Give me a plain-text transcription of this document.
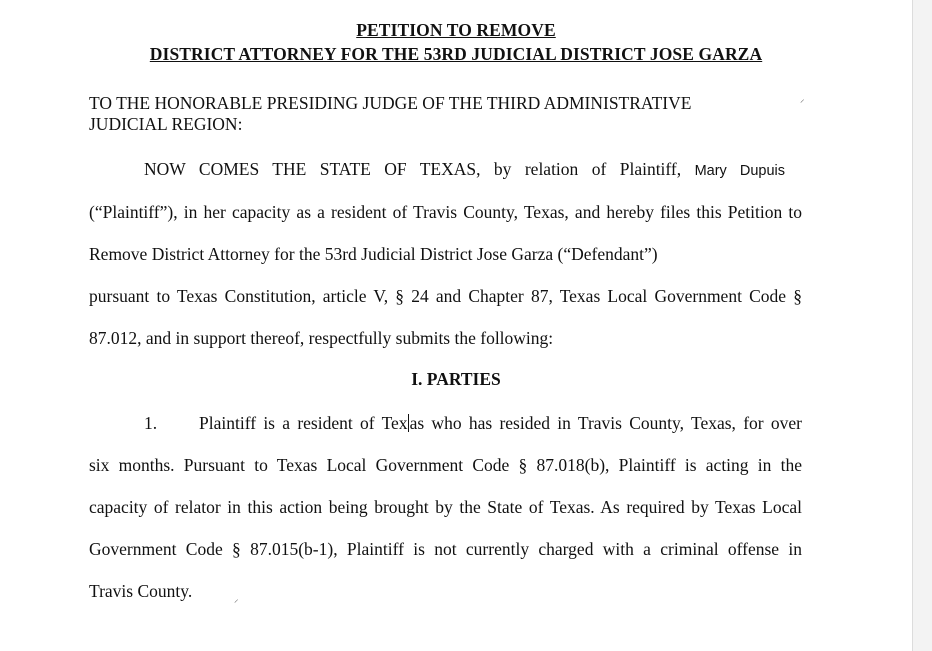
PETITION TO REMOVE
DISTRICT ATTORNEY FOR THE 53RD JUDICIAL DISTRICT JOSE GARZA
TO THE HONORABLE PRESIDING JUDGE OF THE THIRD ADMINISTRATIVE
JUDICIAL REGION:
⸝
NOW COMES THE STATE OF TEXAS, by relation of Plaintiff, Mary Dupuis
(“Plaintiff”), in her capacity as a resident of Travis County, Texas, and hereby files this Petition to
Remove District Attorney for the 53rd Judicial District Jose Garza (“Defendant”)
pursuant to Texas Constitution, article V, § 24 and Chapter 87, Texas Local Government Code §
87.012, and in support thereof, respectfully submits the following:
I. PARTIES
1. Plaintiff is a resident of Tex as who has resided in Travis County, Texas, for over
six months. Pursuant to Texas Local Government Code § 87.018(b), Plaintiff is acting in the
capacity of relator in this action being brought by the State of Texas. As required by Texas Local
Government Code § 87.015(b-1), Plaintiff is not currently charged with a criminal offense in
Travis County.	⸝
